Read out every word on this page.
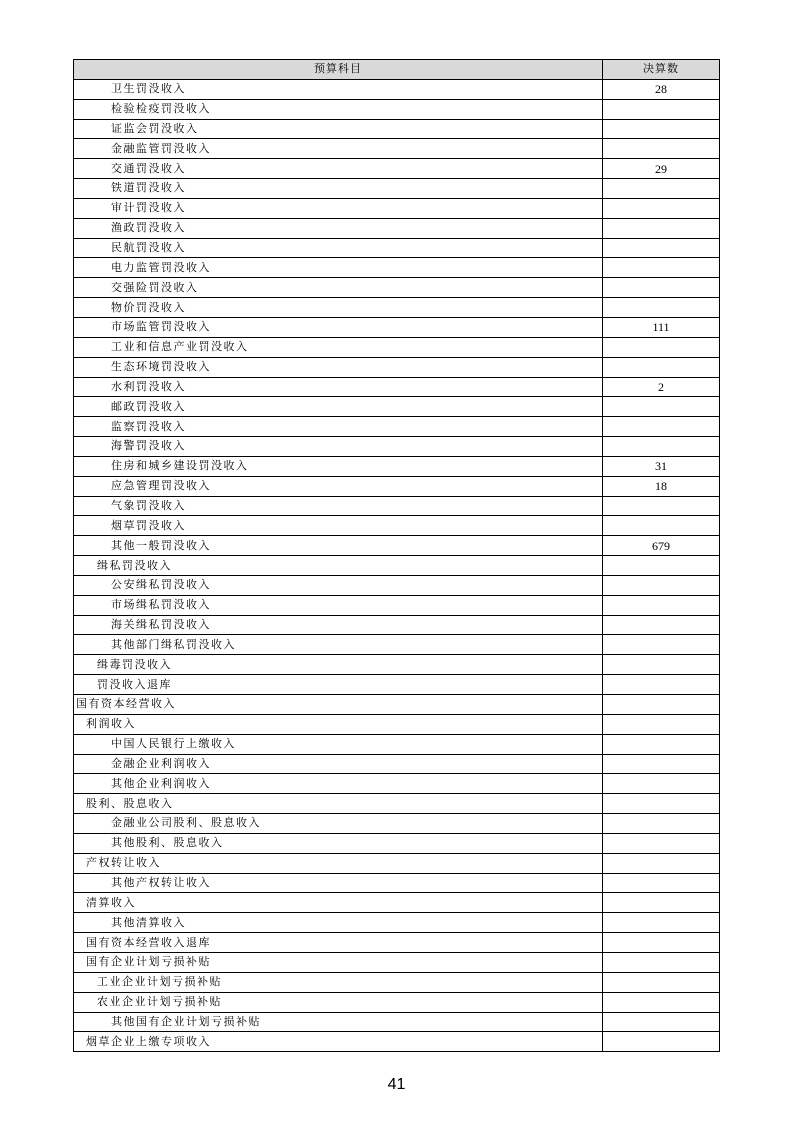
预算科目	决算数
卫生罚没收入	28
检验检疫罚没收入	
证监会罚没收入	
金融监管罚没收入	
交通罚没收入	29
铁道罚没收入	
审计罚没收入	
渔政罚没收入	
民航罚没收入	
电力监管罚没收入	
交强险罚没收入	
物价罚没收入	
市场监管罚没收入	111
工业和信息产业罚没收入	
生态环境罚没收入	
水利罚没收入	2
邮政罚没收入	
监察罚没收入	
海警罚没收入	
住房和城乡建设罚没收入	31
应急管理罚没收入	18
气象罚没收入	
烟草罚没收入	
其他一般罚没收入	679
缉私罚没收入	
公安缉私罚没收入	
市场缉私罚没收入	
海关缉私罚没收入	
其他部门缉私罚没收入	
缉毒罚没收入	
罚没收入退库	
国有资本经营收入	
利润收入	
中国人民银行上缴收入	
金融企业利润收入	
其他企业利润收入	
股利、股息收入	
金融业公司股利、股息收入	
其他股利、股息收入	
产权转让收入	
其他产权转让收入	
清算收入	
其他清算收入	
国有资本经营收入退库	
国有企业计划亏损补贴	
工业企业计划亏损补贴	
农业企业计划亏损补贴	
其他国有企业计划亏损补贴	
烟草企业上缴专项收入	
41
